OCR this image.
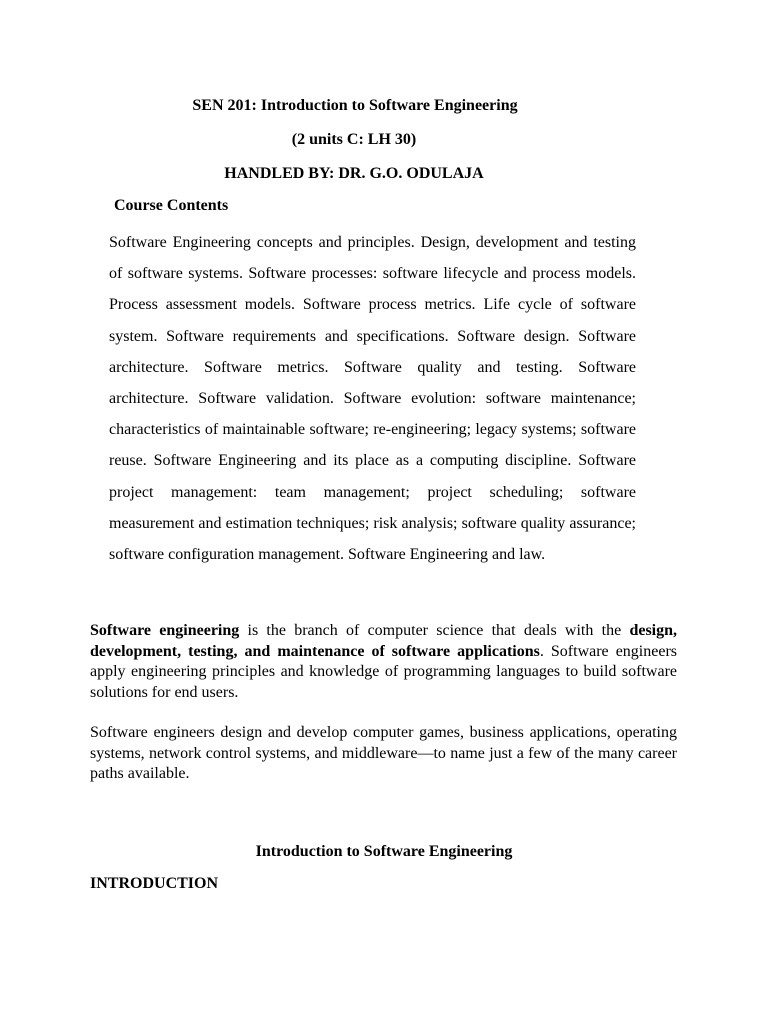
SEN 201: Introduction to Software Engineering
(2 units C: LH 30)
HANDLED BY: DR. G.O. ODULAJA
Course Contents

Software Engineering concepts and principles. Design, development and testing of software systems. Software processes: software lifecycle and process models. Process assessment models. Software process metrics. Life cycle of software system. Software requirements and specifications. Software design. Software architecture. Software metrics. Software quality and testing. Software architecture. Software validation. Software evolution: software maintenance; characteristics of maintainable software; re-engineering; legacy systems; software reuse. Software Engineering and its place as a computing discipline. Software project management: team management; project scheduling; software measurement and estimation techniques; risk analysis; software quality assurance; software configuration management. Software Engineering and law.

Software engineering is the branch of computer science that deals with the design, development, testing, and maintenance of software applications. Software engineers apply engineering principles and knowledge of programming languages to build software solutions for end users.

Software engineers design and develop computer games, business applications, operating systems, network control systems, and middleware—to name just a few of the many career paths available.

Introduction to Software Engineering
INTRODUCTION
